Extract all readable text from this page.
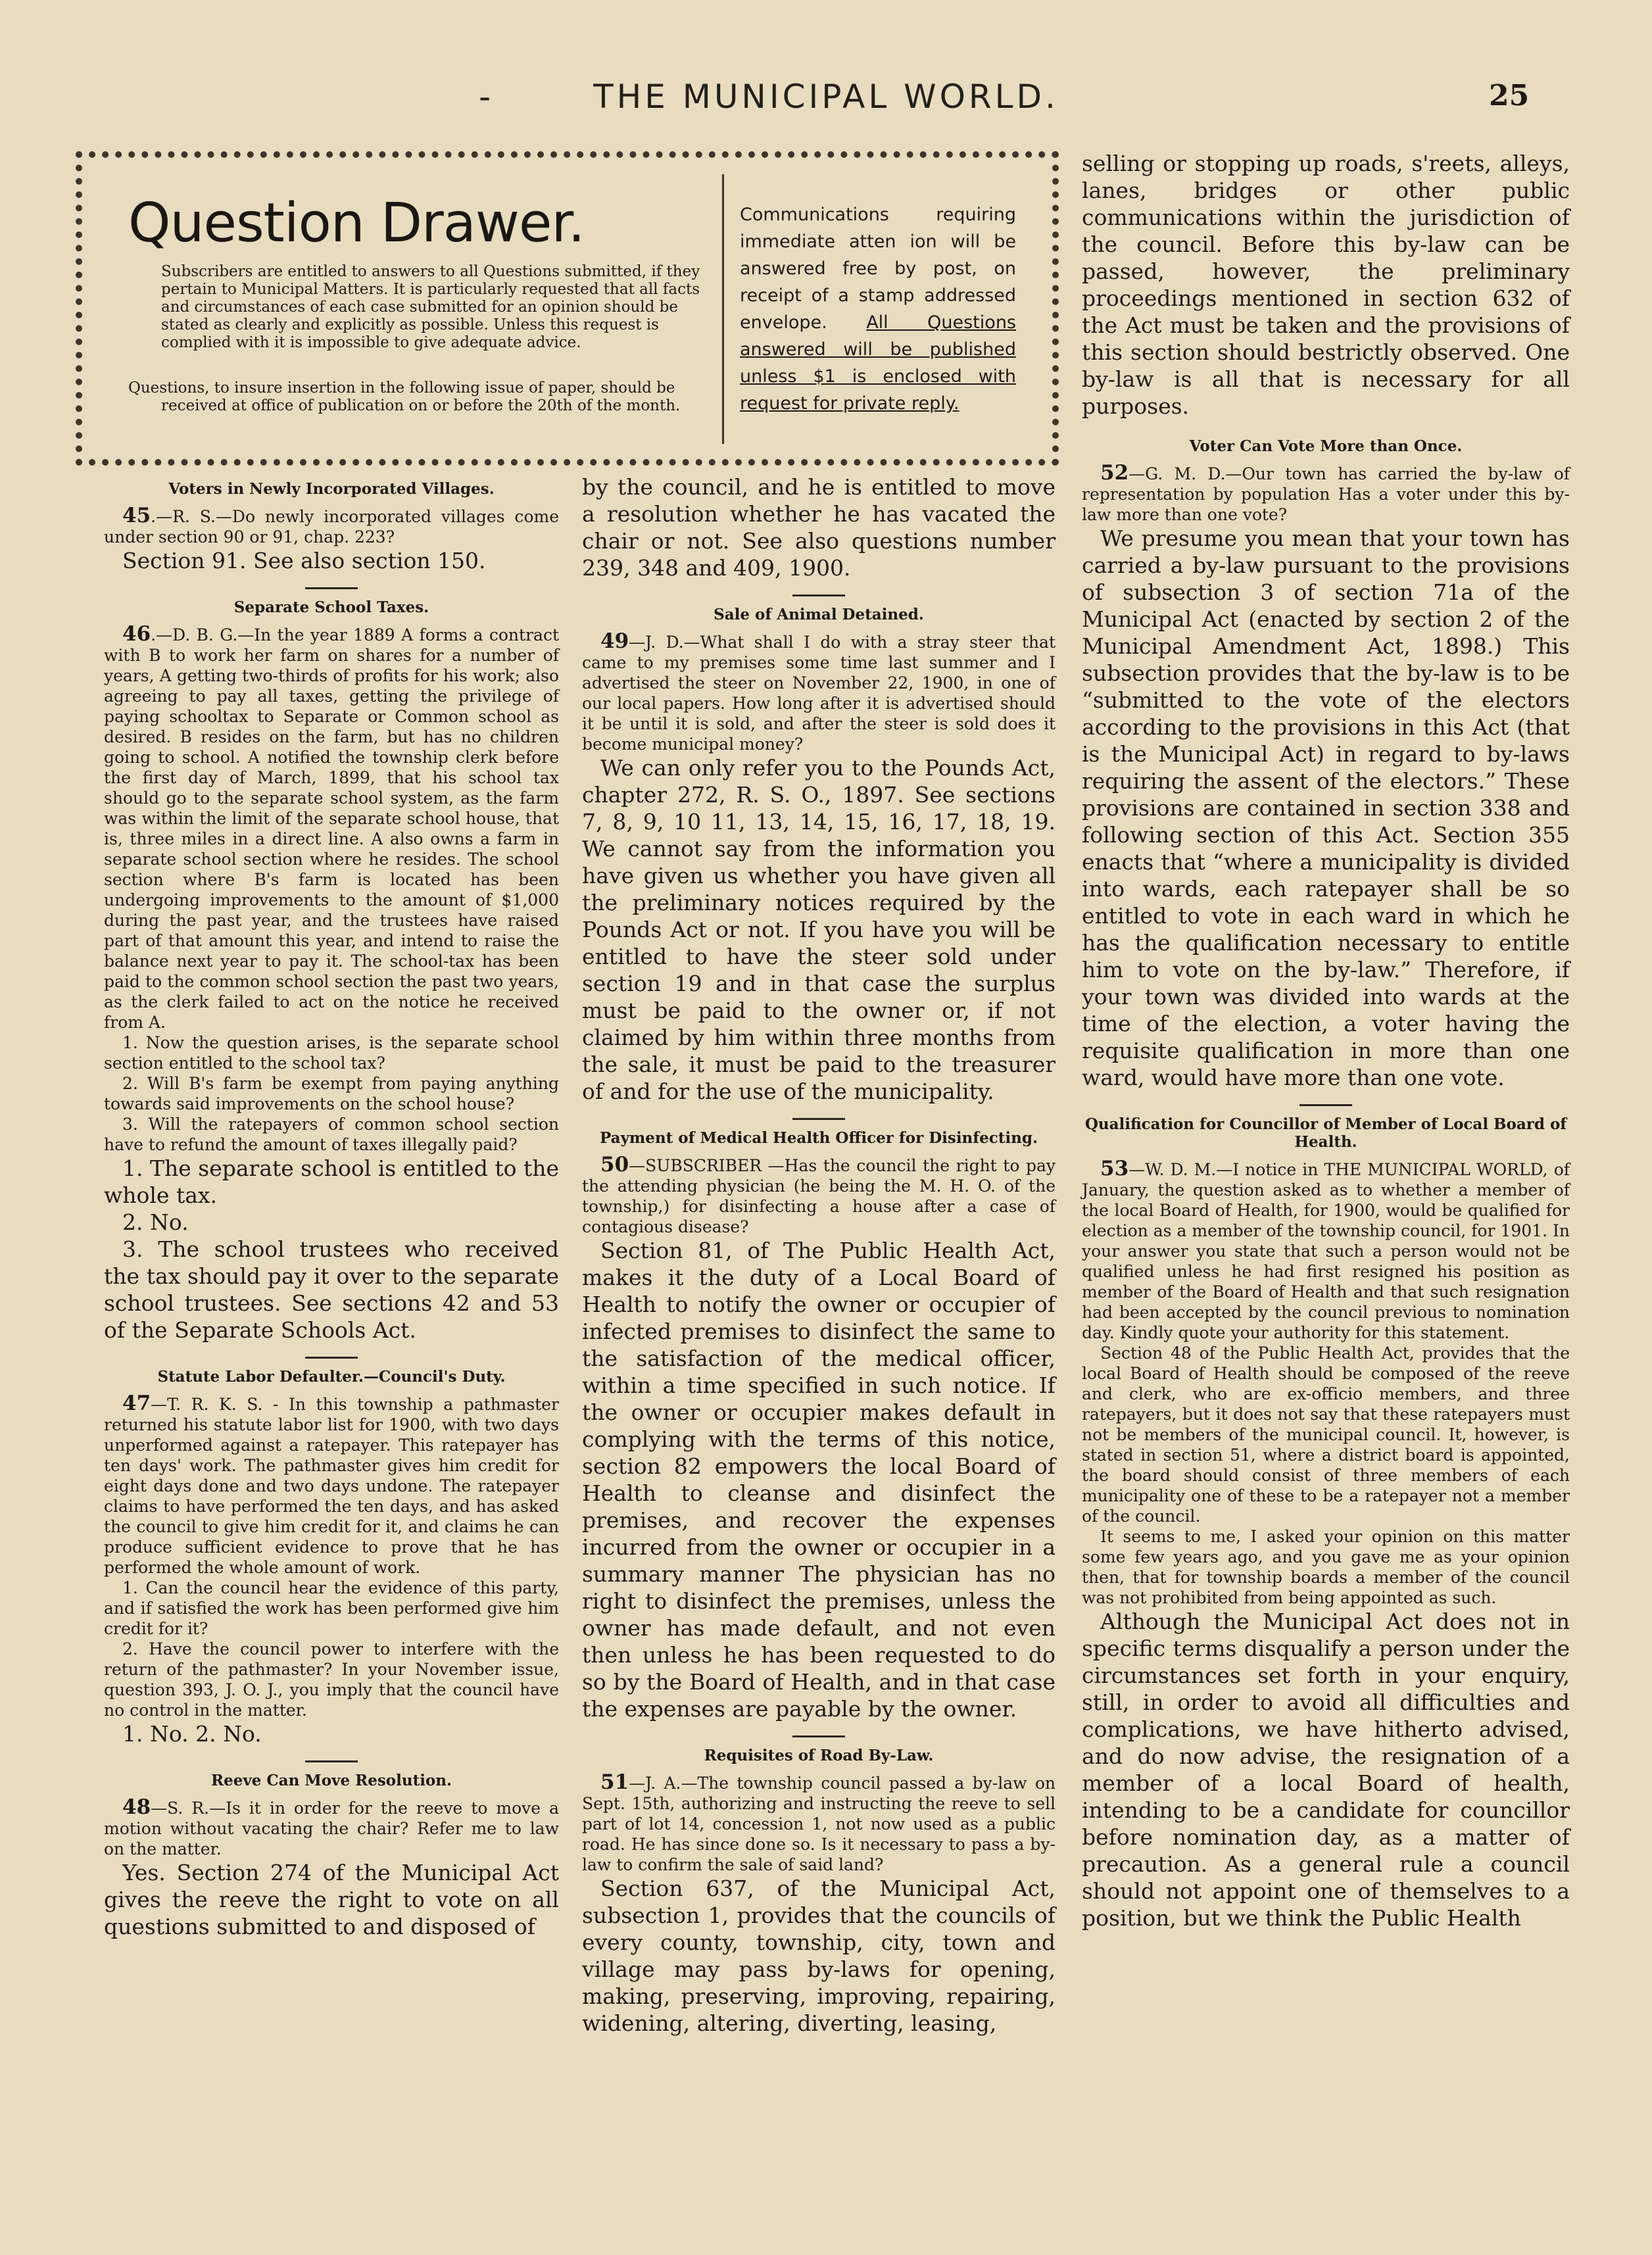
-	THE MUNICIPAL WORLD.	25
Question Drawer.

Subscribers are entitled to answers to all Questions submitted, if they pertain to Municipal Matters. It is particularly requested that all facts and circumstances of each case submitted for an opinion should be stated as clearly and explicitly as possible. Unless this request is complied with it is impossible to give adequate advice.

Questions, to insure insertion in the following issue of paper, should be received at office of publication on or before the 20th of the month.

Communications requiring immediate atten ion will be answered free by post, on receipt of a stamp addressed envelope. All Questions answered will be published unless $1 is enclosed with request for private reply.

selling or stopping up roads, s'reets, alleys, lanes, bridges or other public communications within the jurisdiction of the council. Before this by-law can be passed, however, the preliminary proceedings mentioned in section 632 of the Act must be taken and the provisions of this section should bestrictly observed. One by-law is all that is necessary for all purposes.

Voters in Newly Incorporated Villages.

45.—R. S.—Do newly incorporated villages come under section 90 or 91, chap. 223?

Section 91. See also section 150.

Separate School Taxes.

46.—D. B. G.—In the year 1889 A forms a contract with B to work her farm on shares for a number of years, A getting two-thirds of profits for his work; also agreeing to pay all taxes, getting the privilege of paying schooltax to Separate or Common school as desired. B resides on the farm, but has no children going to school. A notified the township clerk before the first day of March, 1899, that his school tax should go to the separate school system, as the farm was within the limit of the separate school house, that is, three miles in a direct line. A also owns a farm in separate school section where he resides. The school section where B's farm is located has been undergoing improvements to the amount of $1,000 during the past year, and the trustees have raised part of that amount this year, and intend to raise the balance next year to pay it. The school-tax has been paid to the common school section the past two years, as the clerk failed to act on the notice he received from A.

1. Now the question arises, is the separate school section entitled to the school tax?

2. Will B's farm be exempt from paying anything towards said improvements on the school house?

3. Will the ratepayers of common school section have to refund the amount of taxes illegally paid?

1. The separate school is entitled to the whole tax.

2. No.

3. The school trustees who received the tax should pay it over to the separate school trustees. See sections 42 and 53 of the Separate Schools Act.

Statute Labor Defaulter.—Council's Duty.

47—T. R. K. S. - In this township a pathmaster returned his statute labor list for 1900, with two days unperformed against a ratepayer. This ratepayer has ten days' work. The pathmaster gives him credit for eight days done and two days undone. The ratepayer claims to have performed the ten days, and has asked the council to give him credit for it, and claims he can produce sufficient evidence to prove that he has performed the whole amount of work.

1. Can the council hear the evidence of this party, and if satisfied the work has been performed give him credit for it?

2. Have the council power to interfere with the return of the pathmaster? In your November issue, question 393, J. O. J., you imply that the council have no control in the matter.

1. No. 2. No.

Reeve Can Move Resolution.

48—S. R.—Is it in order for the reeve to move a motion without vacating the chair? Refer me to law on the matter.

Yes. Section 274 of the Municipal Act gives the reeve the right to vote on all questions submitted to and disposed of

by the council, and he is entitled to move a resolution whether he has vacated the chair or not. See also questions number 239, 348 and 409, 1900.

Sale of Animal Detained.

49—J. D.—What shall I do with a stray steer that came to my premises some time last summer and I advertised the steer on November 22, 1900, in one of our local papers. How long after it is advertised should it be until it is sold, and after the steer is sold does it become municipal money?

We can only refer you to the Pounds Act, chapter 272, R. S. O., 1897. See sections 7, 8, 9, 10 11, 13, 14, 15, 16, 17, 18, 19. We cannot say from the information you have given us whether you have given all the preliminary notices required by the Pounds Act or not. If you have you will be entitled to have the steer sold under section 19 and in that case the surplus must be paid to the owner or, if not claimed by him within three months from the sale, it must be paid to the treasurer of and for the use of the municipality.

Payment of Medical Health Officer for Disinfecting.

50—SUBSCRIBER —Has the council the right to pay the attending physician (he being the M. H. O. of the township,) for disinfecting a house after a case of contagious disease?

Section 81, of The Public Health Act, makes it the duty of a Local Board of Health to notify the owner or occupier of infected premises to disinfect the same to the satisfaction of the medical officer, within a time specified in such notice. If the owner or occupier makes default in complying with the terms of this notice, section 82 empowers the local Board of Health to cleanse and disinfect the premises, and recover the expenses incurred from the owner or occupier in a summary manner The physician has no right to disinfect the premises, unless the owner has made default, and not even then unless he has been requested to do so by the Board of Health, and in that case the expenses are payable by the owner.

Requisites of Road By-Law.

51—J. A.—The township council passed a by-law on Sept. 15th, authorizing and instructing the reeve to sell part of lot 14, concession 1, not now used as a public road. He has since done so. Is it necessary to pass a by-law to confirm the sale of said land?

Section 637, of the Municipal Act, subsection 1, provides that the councils of every county, township, city, town and village may pass by-laws for opening, making, preserving, improving, repairing, widening, altering, diverting, leasing,

Voter Can Vote More than Once.

52—G. M. D.—Our town has carried the by-law of representation by population Has a voter under this by-law more than one vote?

We presume you mean that your town has carried a by-law pursuant to the provisions of subsection 3 of section 71a of the Municipal Act (enacted by section 2 of the Municipal Amendment Act, 1898.) This subsection provides that the by-law is to be “submitted to the vote of the electors according to the provisions in this Act (that is the Municipal Act) in regard to by-laws requiring the assent of the electors.” These provisions are contained in section 338 and following section of this Act. Section 355 enacts that “where a municipality is divided into wards, each ratepayer shall be so entitled to vote in each ward in which he has the qualification necessary to entitle him to vote on the by-law.” Therefore, if your town was divided into wards at the time of the election, a voter having the requisite qualification in more than one ward, would have more than one vote.

Qualification for Councillor of Member of Local Board of Health.

53—W. D. M.—I notice in THE MUNICIPAL WORLD, of January, the question asked as to whether a member of the local Board of Health, for 1900, would be qualified for election as a member of the township council, for 1901. In your answer you state that such a person would not be qualified unless he had first resigned his position as member of the Board of Health and that such resignation had been accepted by the council previous to nomination day. Kindly quote your authority for this statement.

Section 48 of the Public Health Act, provides that the local Board of Health should be composed of the reeve and clerk, who are ex-officio members, and three ratepayers, but it does not say that these ratepayers must not be members of the municipal council. It, however, is stated in section 51, where a district board is appointed, the board should consist of three members of each municipality one of these to be a ratepayer not a member of the council.

It seems to me, I asked your opinion on this matter some few years ago, and you gave me as your opinion then, that for township boards a member of the council was not prohibited from being appointed as such.

Although the Municipal Act does not in specific terms disqualify a person under the circumstances set forth in your enquiry, still, in order to avoid all difficulties and complications, we have hitherto advised, and do now advise, the resignation of a member of a local Board of health, intending to be a candidate for councillor before nomination day, as a matter of precaution. As a general rule a council should not appoint one of themselves to a position, but we think the Public Health
